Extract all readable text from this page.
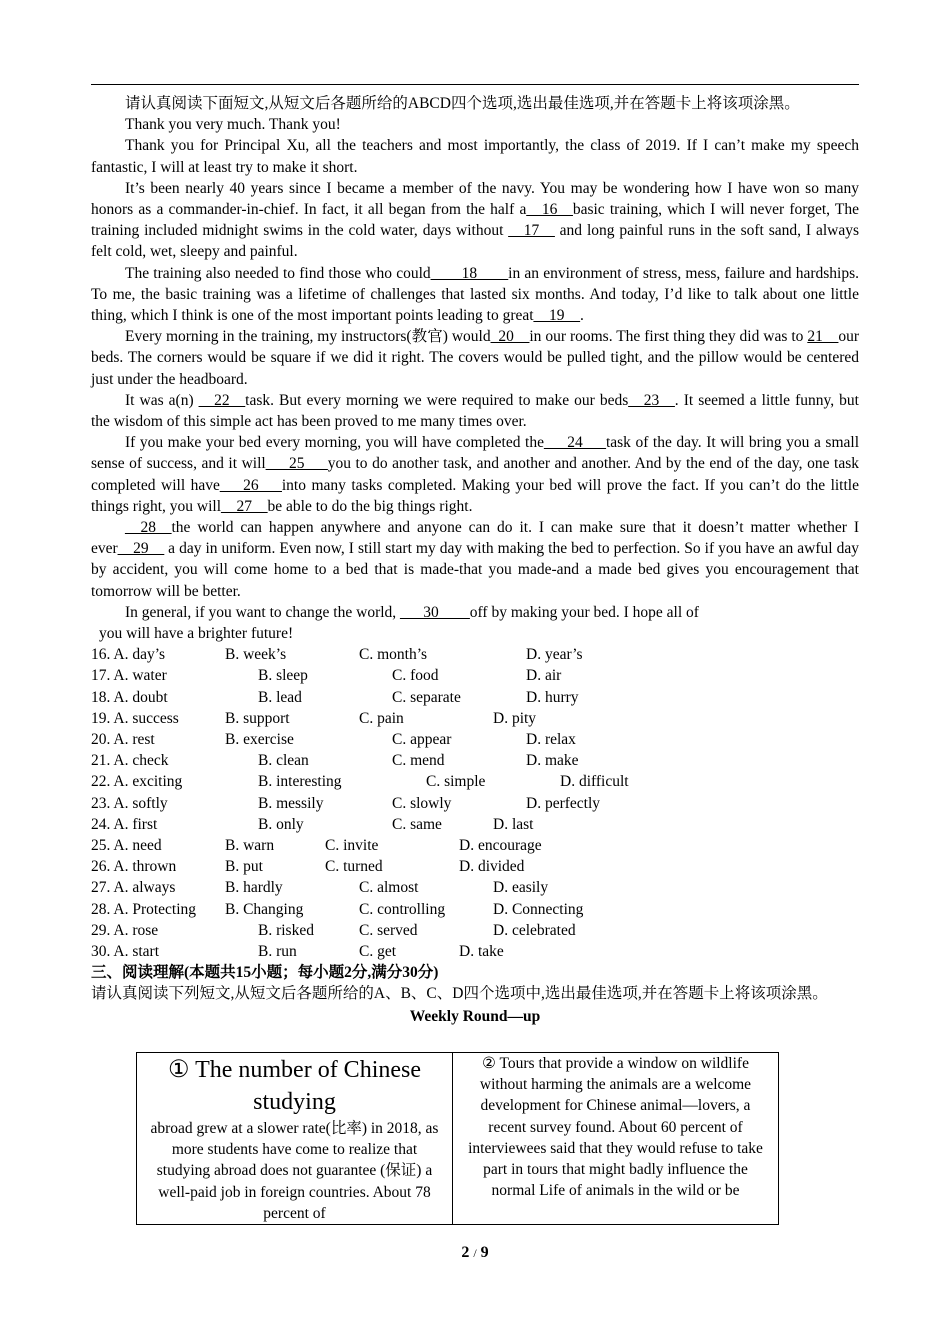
请认真阅读下面短文,从短文后各题所给的ABCD四个选项,选出最佳选项,并在答题卡上将该项涂黑。

Thank you very much. Thank you!

Thank you for Principal Xu, all the teachers and most importantly, the class of 2019. If I can’t make my speech fantastic, I will at least try to make it short.

It’s been nearly 40 years since I became a member of the navy. You may be wondering how I have won so many honors as a commander-in-chief. In fact, it all began from the half a__16__basic training, which I will never forget, The training included midnight swims in the cold water, days without __17__ and long painful runs in the soft sand, I always felt cold, wet, sleepy and painful.

The training also needed to find those who could____18____in an environment of stress, mess, failure and hardships. To me, the basic training was a lifetime of challenges that lasted six months. And today, I’d like to talk about one little thing, which I think is one of the most important points leading to great__19__.

Every morning in the training, my instructors(教官) would_20__in our rooms. The first thing they did was to 21__our beds. The corners would be square if we did it right. The covers would be pulled tight, and the pillow would be centered just under the headboard.

It was a(n) __22__task. But every morning we were required to make our beds__23__. It seemed a little funny, but the wisdom of this simple act has been proved to me many times over.

If you make your bed every morning, you will have completed the___24___task of the day. It will bring you a small sense of success, and it will___25___you to do another task, and another and another. And by the end of the day, one task completed will have___26___into many tasks completed. Making your bed will prove the fact. If you can’t do the little things right, you will__27__be able to do the big things right.

__28__the world can happen anywhere and anyone can do it. I can make sure that it doesn’t matter whether I ever__29__ a day in uniform. Even now, I still start my day with making the bed to perfection. So if you have an awful day by accident, you will come home to a bed that is made-that you made-and a made bed gives you encouragement that tomorrow will be better.

In general, if you want to change the world, ___30____off by making your bed. I hope all of

you will have a brighter future!

16. A. day’s	B. week’s	C. month’s	D. year’s
17. A. water	B. sleep	C. food	D. air
18. A. doubt	B. lead	C. separate	D. hurry
19. A. success	B. support	C. pain	D. pity
20. A. rest	B. exercise	C. appear	D. relax
21. A. check	B. clean	C. mend	D. make
22. A. exciting	B. interesting	C. simple	D. difficult
23. A. softly	B. messily	C. slowly	D. perfectly
24. A. first	B. only	C. same	D. last
25. A. need	B. warn	C. invite	D. encourage
26. A. thrown	B. put	C. turned	D. divided
27. A. always	B. hardly	C. almost	D. easily
28. A. Protecting B. Changing	C. controlling	D. Connecting
29. A. rose	B. risked	C. served	D. celebrated
30. A. start	B. run	C. get	D. take
三、阅读理解(本题共15小题；每小题2分,满分30分)

请认真阅读下列短文,从短文后各题所给的A、B、C、D四个选项中,选出最佳选项,并在答题卡上将该项涂黑。

Weekly Round—up
① The number of Chinese studying
abroad grew at a slower rate(比率) in 2018, as more students have come to realize that studying abroad does not guarantee (保证) a well-paid job in foreign countries. About 78 percent of
② Tours that provide a window on wildlife without harming the animals are a welcome development for Chinese animal—lovers, a recent survey found. About 60 percent of interviewees said that they would refuse to take part in tours that might badly influence the normal Life of animals in the wild or be
2 / 9
